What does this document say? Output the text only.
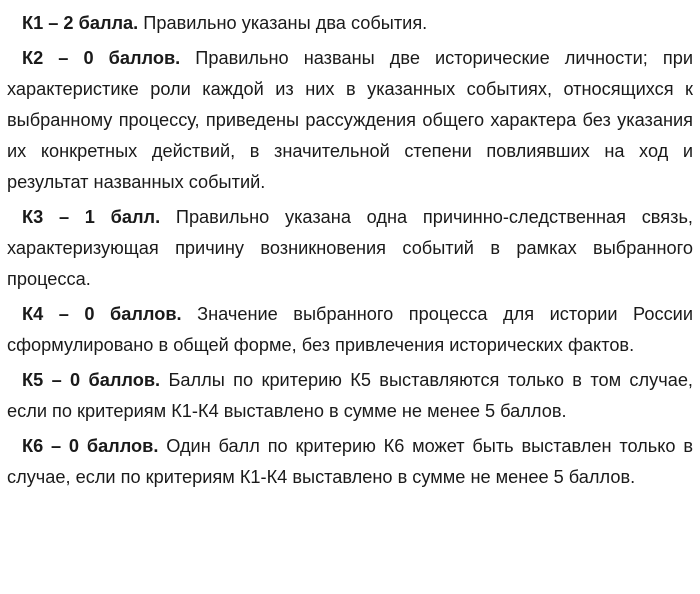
К1 – 2 балла. Правильно указаны два события.

К2 – 0 баллов. Правильно названы две исторические личности; при характеристике роли каждой из них в указанных событиях, относящихся к выбранному процессу, приведены рассуждения общего характера без указания их конкретных действий, в значительной степени повлиявших на ход и результат названных событий.

К3 – 1 балл. Правильно указана одна причинно-следственная связь, характеризующая причину возникновения событий в рамках выбранного процесса.

К4 – 0 баллов. Значение выбранного процесса для истории России сформулировано в общей форме, без привлечения исторических фактов.

К5 – 0 баллов. Баллы по критерию К5 выставляются только в том случае, если по критериям К1-К4 выставлено в сумме не менее 5 баллов.

К6 – 0 баллов. Один балл по критерию К6 может быть выставлен только в случае, если по критериям К1-К4 выставлено в сумме не менее 5 баллов.
